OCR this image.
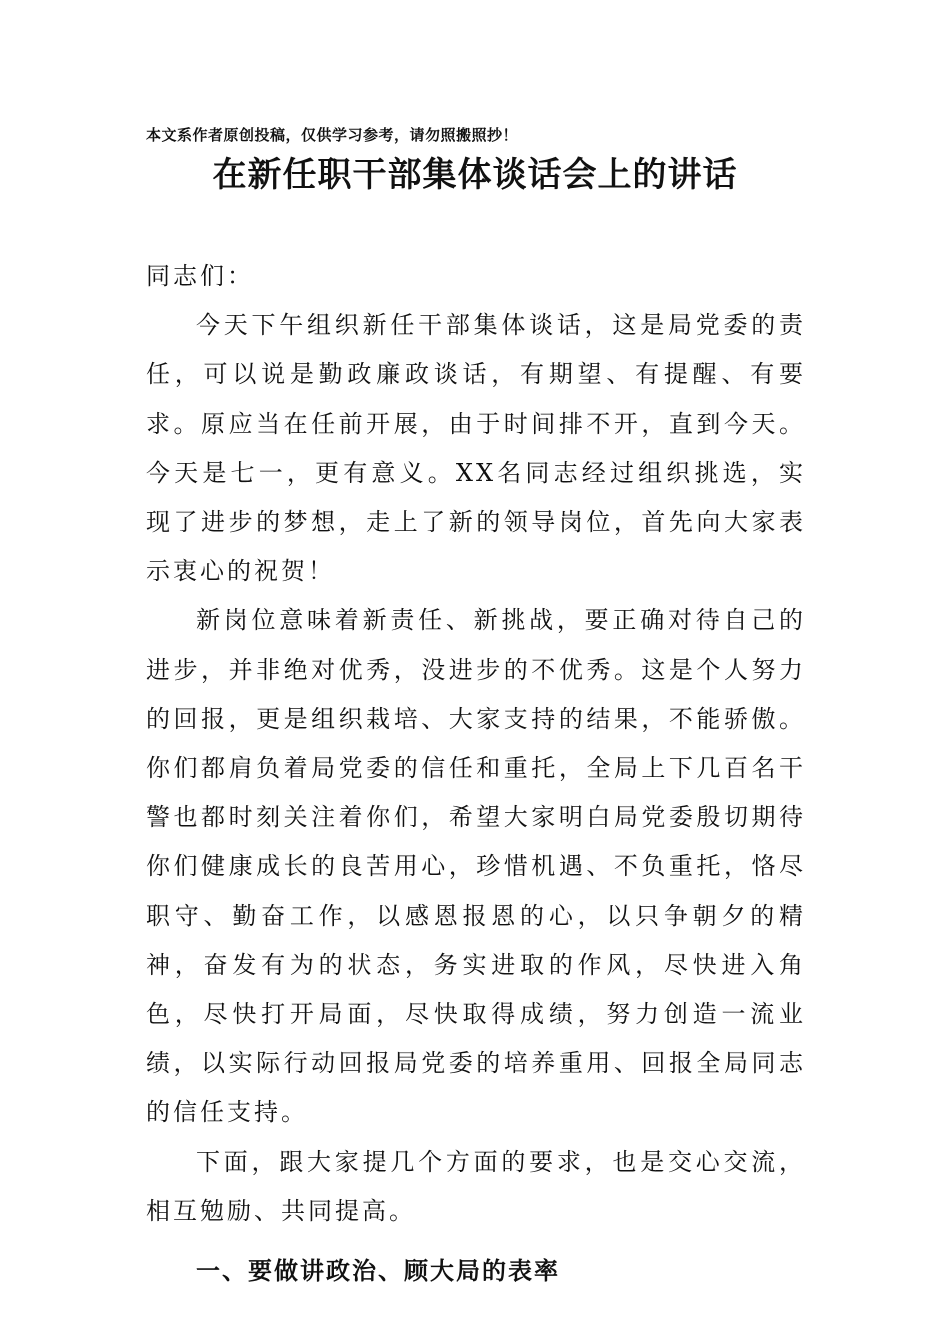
本文系作者原创投稿，仅供学习参考，请勿照搬照抄！
在新任职干部集体谈话会上的讲话

同志们：

今天下午组织新任干部集体谈话，这是局党委的责任，可以说是勤政廉政谈话，有期望、有提醒、有要求。原应当在任前开展，由于时间排不开，直到今天。今天是七一，更有意义。XX名同志经过组织挑选，实现了进步的梦想，走上了新的领导岗位，首先向大家表示衷心的祝贺！

新岗位意味着新责任、新挑战，要正确对待自己的进步，并非绝对优秀，没进步的不优秀。这是个人努力的回报，更是组织栽培、大家支持的结果，不能骄傲。你们都肩负着局党委的信任和重托，全局上下几百名干警也都时刻关注着你们，希望大家明白局党委殷切期待你们健康成长的良苦用心，珍惜机遇、不负重托，恪尽职守、勤奋工作，以感恩报恩的心，以只争朝夕的精神，奋发有为的状态，务实进取的作风，尽快进入角色，尽快打开局面，尽快取得成绩，努力创造一流业绩，以实际行动回报局党委的培养重用、回报全局同志的信任支持。

下面，跟大家提几个方面的要求，也是交心交流，相互勉励、共同提高。

一、要做讲政治、顾大局的表率
